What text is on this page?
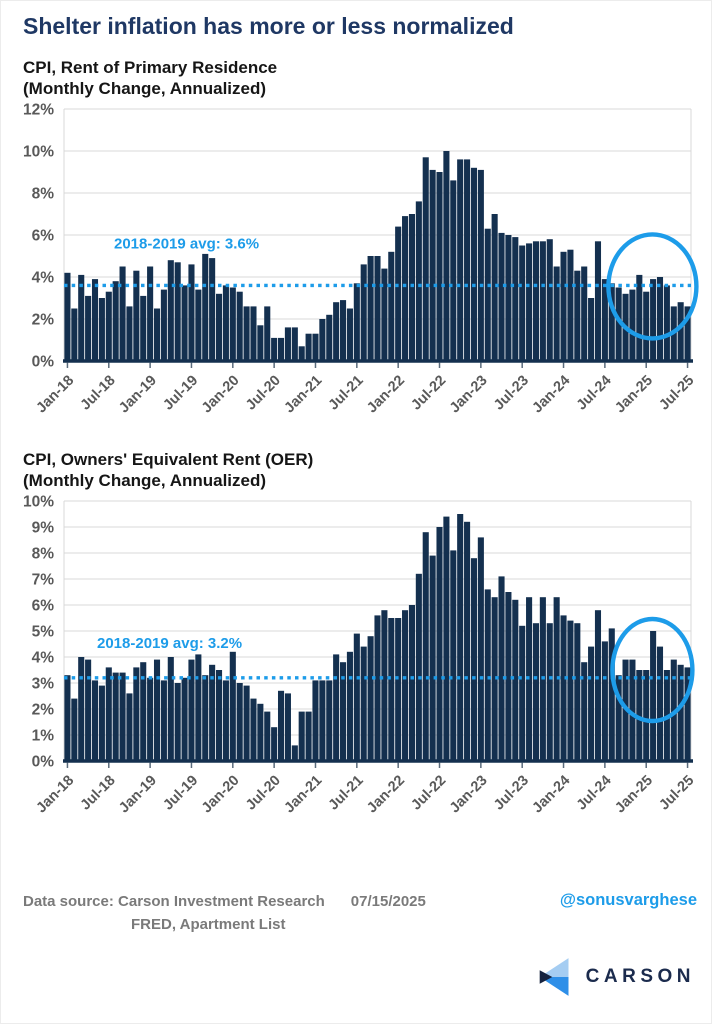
Shelter inflation has more or less normalized
CPI, Rent of Primary Residence
(Monthly Change, Annualized)
0%
2%
4%
6%
8%
10%
12%
2018-2019 avg: 3.6%
Jan-18 Jul-18
Jan-19 Jul-19
Jan-20 Jul-20
Jan-21 Jul-21
Jan-22 Jul-22
Jan-23 Jul-23
Jan-24 Jul-24
Jan-25 Jul-25
CPI, Owners' Equivalent Rent (OER)
(Monthly Change, Annualized)
0%
1%
2%
3%
4%
5%
6%
7%
8%
9%
10%
2018-2019 avg: 3.2%
Jan-18 Jul-18
Jan-19 Jul-19
Jan-20 Jul-20
Jan-21 Jul-21
Jan-22 Jul-22
Jan-23 Jul-23
Jan-24 Jul-24
Jan-25 Jul-25
Data source: Carson Investment Research 07/15/2025
FRED, Apartment List
@sonusvarghese
CARSON
